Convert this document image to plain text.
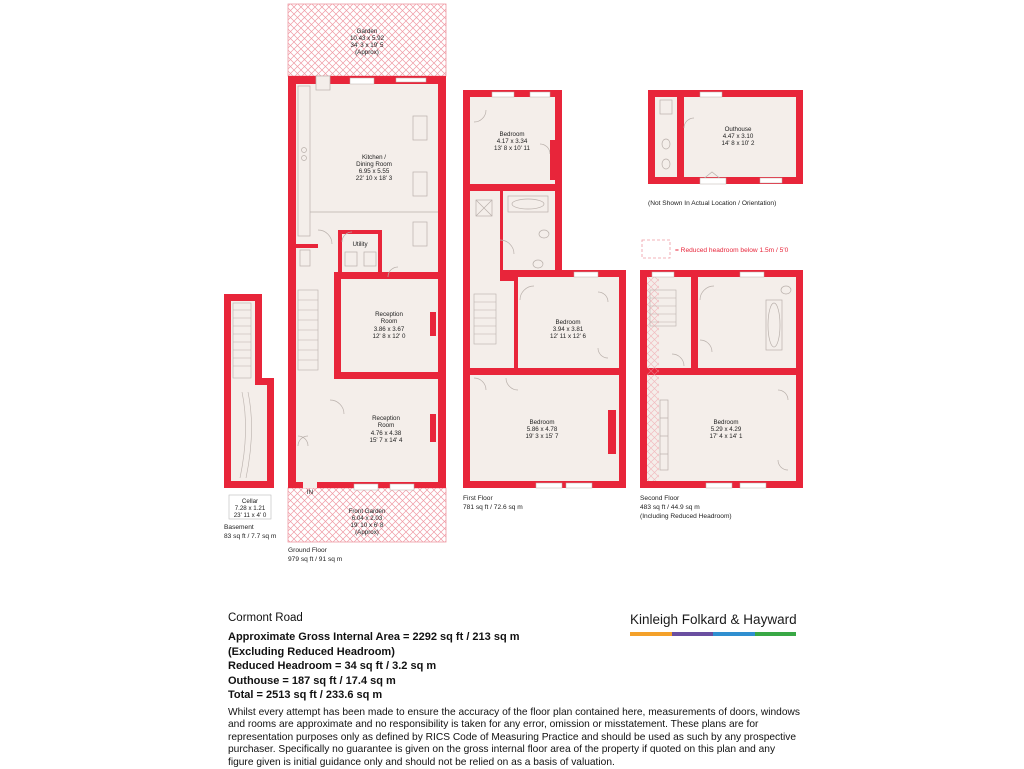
Cellar
7.28 x 1.21
23' 11 x 4' 0
Basement
83 sq ft / 7.7 sq m
IN
Garden
10.43 x 5.92
34' 3 x 19' 5
(Approx)
Kitchen /
Dining Room
6.95 x 5.55
22' 10 x 18' 3
Utility
Reception
Room
3.86 x 3.67
12' 8 x 12' 0
Reception
Room
4.76 x 4.38
15' 7 x 14' 4
Front Garden
6.04 x 2.03
19' 10 x 6' 8
(Approx)
Ground Floor
979 sq ft / 91 sq m
Bedroom
4.17 x 3.34
13' 8 x 10' 11
Bedroom
3.94 x 3.81
12' 11 x 12' 6
Bedroom
5.86 x 4.78
19' 3 x 15' 7
First Floor
781 sq ft / 72.6 sq m
Bedroom
5.29 x 4.29
17' 4 x 14' 1
Second Floor
483 sq ft / 44.9 sq m
(Including Reduced Headroom)
Outhouse
4.47 x 3.10
14' 8 x 10' 2
(Not Shown In Actual Location / Orientation)
= Reduced headroom below 1.5m / 5'0
Cormont Road
Approximate Gross Internal Area = 2292 sq ft / 213 sq m
(Excluding Reduced Headroom)
Reduced Headroom = 34 sq ft / 3.2 sq m
Outhouse = 187 sq ft / 17.4 sq m
Total = 2513 sq ft / 233.6 sq m
Whilst every attempt has been made to ensure the accuracy of the floor plan contained here, measurements of doors, windows and rooms are approximate and no responsibility is taken for any error, omission or misstatement. These plans are for representation purposes only as defined by RICS Code of Measuring Practice and should be used as such by any prospective purchaser. Specifically no guarantee is given on the gross internal floor area of the property if quoted on this plan and any figure given is initial guidance only and should not be relied on as a basis of valuation.
Kinleigh Folkard & Hayward
